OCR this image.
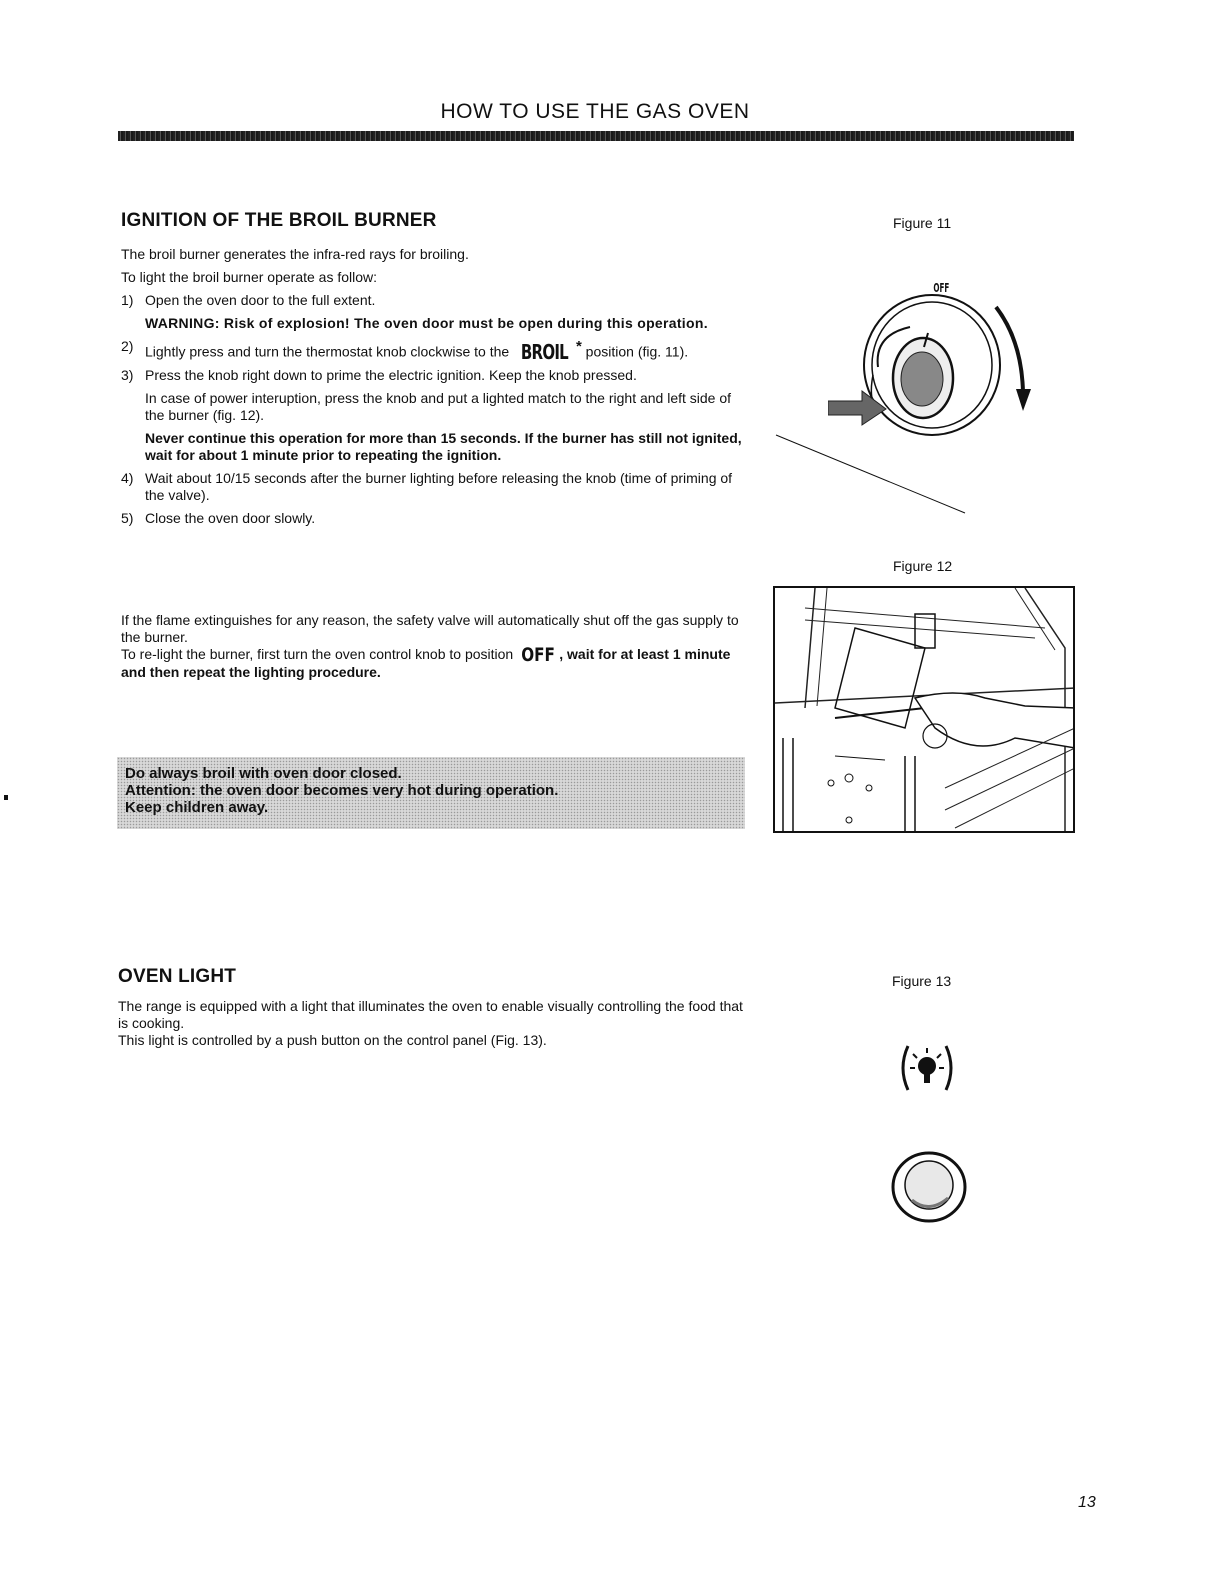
HOW TO USE THE GAS OVEN
IGNITION OF THE BROIL BURNER
The broil burner generates the infra-red rays for broiling.
To light the broil burner operate as follow:
1) Open the oven door to the full extent.
WARNING: Risk of explosion! The oven door must be open during this operation.
2) Lightly press and turn the thermostat knob clockwise to the BROIL * position (fig. 11).
3) Press the knob right down to prime the electric ignition. Keep the knob pressed.
In case of power interuption, press the knob and put a lighted match to the right and left side of the burner (fig. 12).
Never continue this operation for more than 15 seconds. If the burner has still not ignited, wait for about 1 minute prior to repeating the ignition.
4) Wait about 10/15 seconds after the burner lighting before releasing the knob (time of priming of the valve).
5) Close the oven door slowly.
If the flame extinguishes for any reason, the safety valve will automatically shut off the gas supply to the burner.
To re-light the burner, first turn the oven control knob to position OFF , wait for at least 1 minute and then repeat the lighting procedure.
Do always broil with oven door closed.
Attention: the oven door becomes very hot during operation.
Keep children away.
Figure 11
OFF
Figure 12
OVEN LIGHT
The range is equipped with a light that illuminates the oven to enable visually controlling the food that is cooking.
This light is controlled by a push button on the control panel (Fig. 13).
Figure 13
13
